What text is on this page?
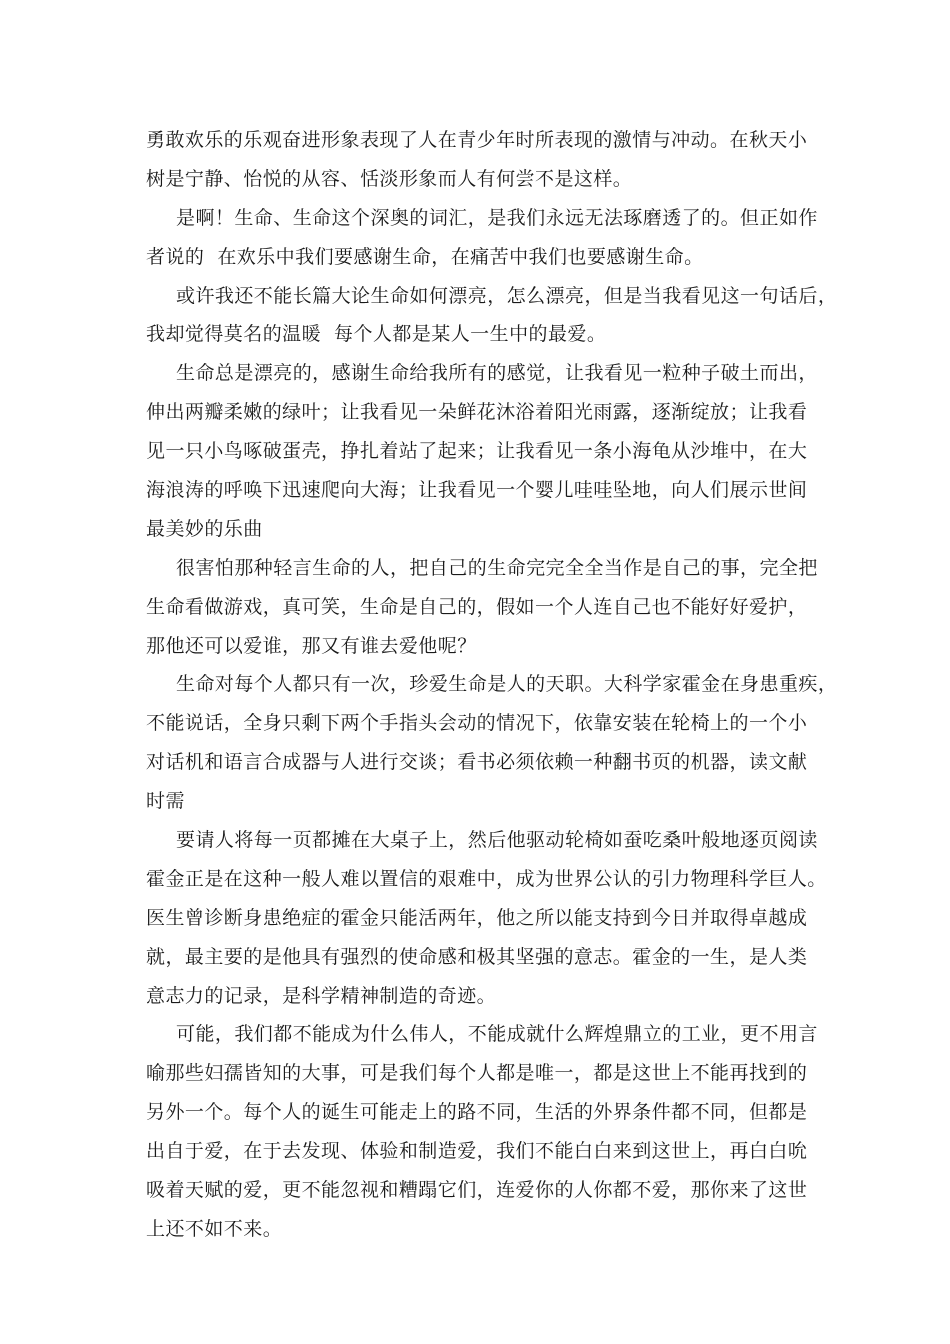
勇敢欢乐的乐观奋进形象表现了人在青少年时所表现的激情与冲动。在秋天小
树是宁静、怡悦的从容、恬淡形象而人有何尝不是这样。
是啊！生命、生命这个深奥的词汇，是我们永远无法琢磨透了的。但正如作
者说的  在欢乐中我们要感谢生命，在痛苦中我们也要感谢生命。
或许我还不能长篇大论生命如何漂亮，怎么漂亮，但是当我看见这一句话后，
我却觉得莫名的温暖  每个人都是某人一生中的最爱。
生命总是漂亮的，感谢生命给我所有的感觉，让我看见一粒种子破土而出，
伸出两瓣柔嫩的绿叶；让我看见一朵鲜花沐浴着阳光雨露，逐渐绽放；让我看
见一只小鸟啄破蛋壳，挣扎着站了起来；让我看见一条小海龟从沙堆中，在大
海浪涛的呼唤下迅速爬向大海；让我看见一个婴儿哇哇坠地，向人们展示世间
最美妙的乐曲
很害怕那种轻言生命的人，把自己的生命完完全全当作是自己的事，完全把
生命看做游戏，真可笑，生命是自己的，假如一个人连自己也不能好好爱护，
那他还可以爱谁，那又有谁去爱他呢？
生命对每个人都只有一次，珍爱生命是人的天职。大科学家霍金在身患重疾，
不能说话，全身只剩下两个手指头会动的情况下，依靠安装在轮椅上的一个小
对话机和语言合成器与人进行交谈；看书必须依赖一种翻书页的机器，读文献
时需
要请人将每一页都摊在大桌子上，然后他驱动轮椅如蚕吃桑叶般地逐页阅读
霍金正是在这种一般人难以置信的艰难中，成为世界公认的引力物理科学巨人。
医生曾诊断身患绝症的霍金只能活两年，他之所以能支持到今日并取得卓越成
就，最主要的是他具有强烈的使命感和极其坚强的意志。霍金的一生，是人类
意志力的记录，是科学精神制造的奇迹。
可能，我们都不能成为什么伟人，不能成就什么辉煌鼎立的工业，更不用言
喻那些妇孺皆知的大事，可是我们每个人都是唯一，都是这世上不能再找到的
另外一个。每个人的诞生可能走上的路不同，生活的外界条件都不同，但都是
出自于爱，在于去发现、体验和制造爱，我们不能白白来到这世上，再白白吮
吸着天赋的爱，更不能忽视和糟蹋它们，连爱你的人你都不爱，那你来了这世
上还不如不来。
